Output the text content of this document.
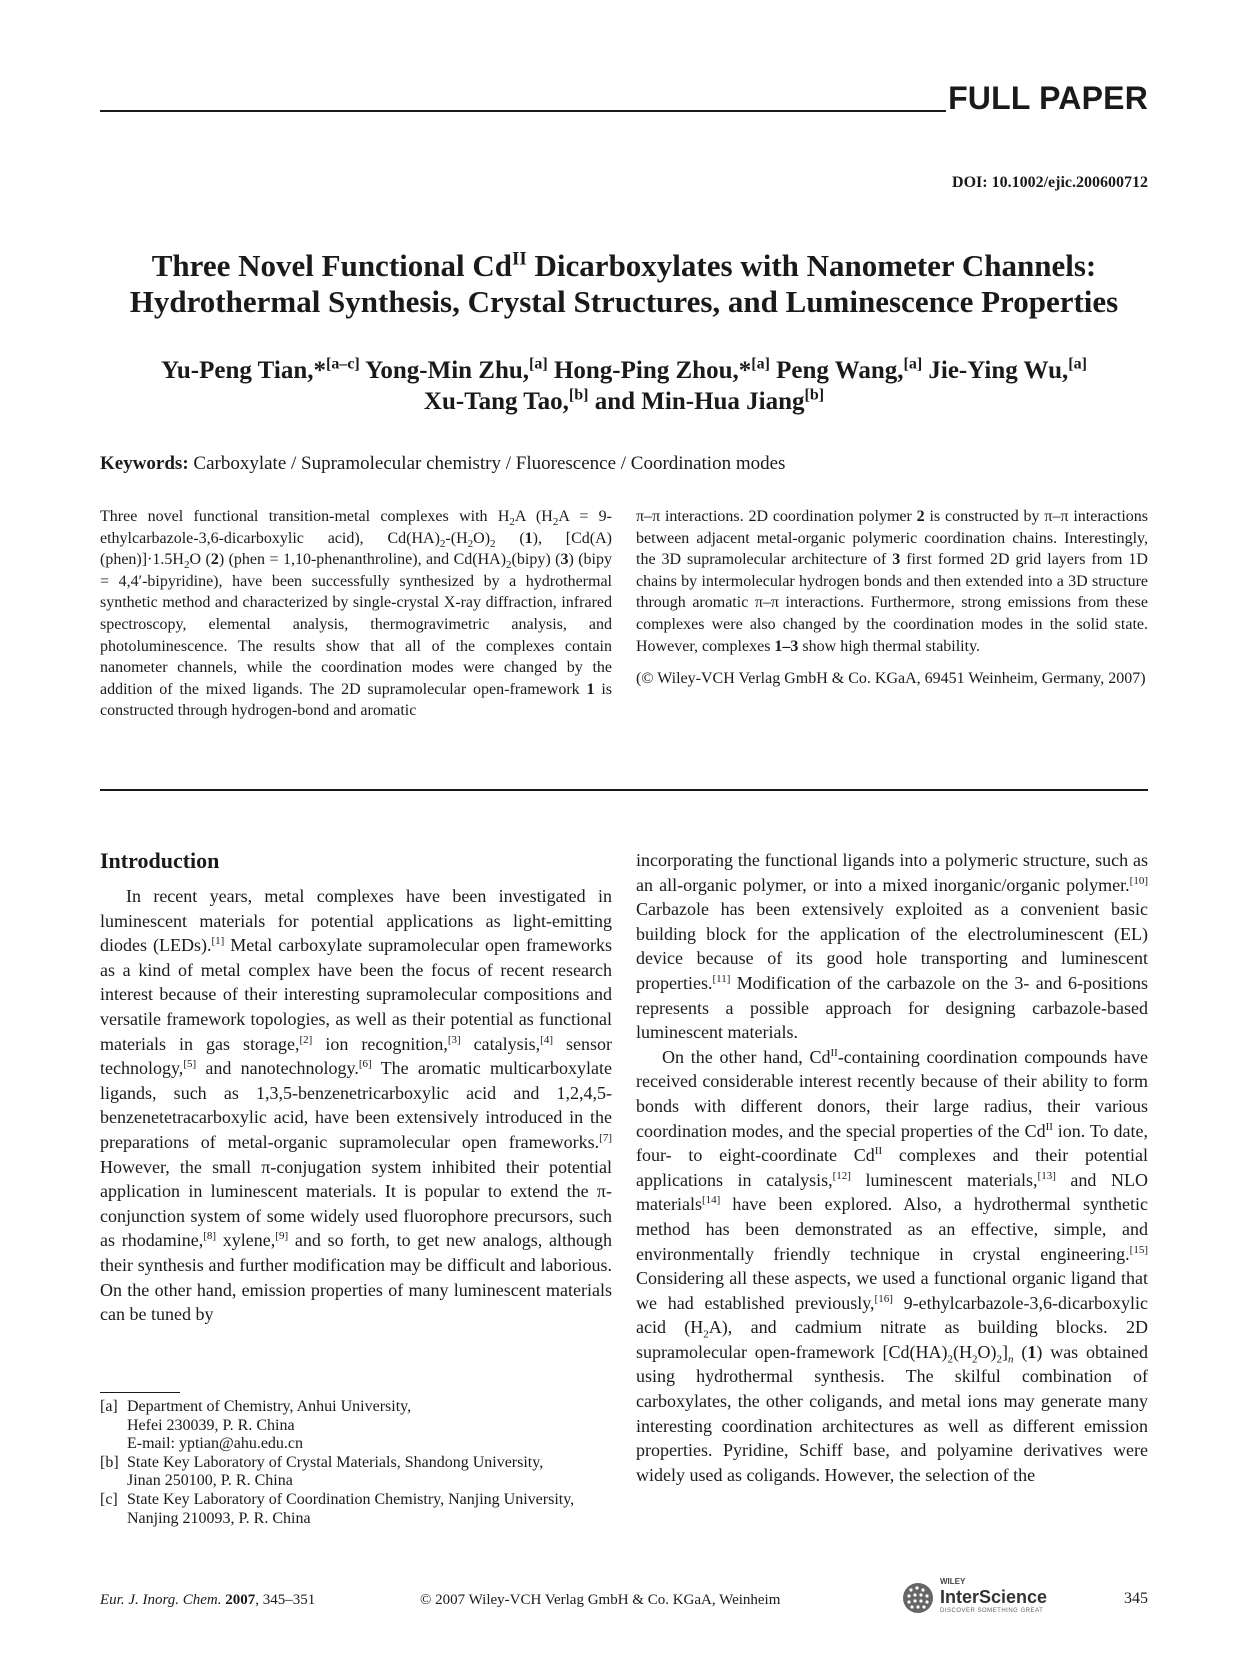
FULL PAPER
DOI: 10.1002/ejic.200600712
Three Novel Functional $Cd^{II}$ Dicarboxylates with Nanometer Channels:
Hydrothermal Synthesis, Crystal Structures, and Luminescence Properties
Yu-Peng Tian,*[a–c] Yong-Min Zhu,[a] Hong-Ping Zhou,*[a] Peng Wang,[a] Jie-Ying Wu,[a]
Xu-Tang Tao,[b] and Min-Hua Jiang[b]
Keywords: Carboxylate / Supramolecular chemistry / Fluorescence / Coordination modes

Three novel functional transition-metal complexes with $H_2A$ ($H_2A$ = 9-ethylcarbazole-3,6-dicarboxylic acid), $Cd(HA)_2-(H_2O)_2$ (1), $[Cd(A)(phen)]\cdot 1.5H_2O$ (2) (phen = 1,10-phenanthroline), and $Cd(HA)_2(bipy)$ (3) (bipy = 4,4′-bipyridine), have been successfully synthesized by a hydrothermal synthetic method and characterized by single-crystal X-ray diffraction, infrared spectroscopy, elemental analysis, thermogravimetric analysis, and photoluminescence. The results show that all of the complexes contain nanometer channels, while the coordination modes were changed by the addition of the mixed ligands. The 2D supramolecular open-framework 1 is constructed through hydrogen-bond and aromatic

π–π interactions. 2D coordination polymer 2 is constructed by π–π interactions between adjacent metal-organic polymeric coordination chains. Interestingly, the 3D supramolecular architecture of 3 first formed 2D grid layers from 1D chains by intermolecular hydrogen bonds and then extended into a 3D structure through aromatic π–π interactions. Furthermore, strong emissions from these complexes were also changed by the coordination modes in the solid state. However, complexes 1–3 show high thermal stability.

(© Wiley-VCH Verlag GmbH & Co. KGaA, 69451 Weinheim, Germany, 2007)

Introduction

In recent years, metal complexes have been investigated in luminescent materials for potential applications as light-emitting diodes (LEDs).[1] Metal carboxylate supramolecular open frameworks as a kind of metal complex have been the focus of recent research interest because of their interesting supramolecular compositions and versatile framework topologies, as well as their potential as functional materials in gas storage,[2] ion recognition,[3] catalysis,[4] sensor technology,[5] and nanotechnology.[6] The aromatic multicarboxylate ligands, such as 1,3,5-benzenetricarboxylic acid and 1,2,4,5-benzenetetracarboxylic acid, have been extensively introduced in the preparations of metal-organic supramolecular open frameworks.[7] However, the small π-conjugation system inhibited their potential application in luminescent materials. It is popular to extend the π-conjunction system of some widely used fluorophore precursors, such as rhodamine,[8] xylene,[9] and so forth, to get new analogs, although their synthesis and further modification may be difficult and laborious. On the other hand, emission properties of many luminescent materials can be tuned by

incorporating the functional ligands into a polymeric structure, such as an all-organic polymer, or into a mixed inorganic/organic polymer.[10] Carbazole has been extensively exploited as a convenient basic building block for the application of the electroluminescent (EL) device because of its good hole transporting and luminescent properties.[11] Modification of the carbazole on the 3- and 6-positions represents a possible approach for designing carbazole-based luminescent materials.

On the other hand, $Cd^{II}$-containing coordination compounds have received considerable interest recently because of their ability to form bonds with different donors, their large radius, their various coordination modes, and the special properties of the $Cd^{II}$ ion. To date, four- to eight-coordinate $Cd^{II}$ complexes and their potential applications in catalysis,[12] luminescent materials,[13] and NLO materials[14] have been explored. Also, a hydrothermal synthetic method has been demonstrated as an effective, simple, and environmentally friendly technique in crystal engineering.[15] Considering all these aspects, we used a functional organic ligand that we had established previously,[16] 9-ethylcarbazole-3,6-dicarboxylic acid $(H_2A)$, and cadmium nitrate as building blocks. 2D supramolecular open-framework $[Cd(HA)_2(H_2O)_2]_n$ (1) was obtained using hydrothermal synthesis. The skilful combination of carboxylates, the other coligands, and metal ions may generate many interesting coordination architectures as well as different emission properties. Pyridine, Schiff base, and polyamine derivatives were widely used as coligands. However, the selection of the

[a] Department of Chemistry, Anhui University,
Hefei 230039, P. R. China
E-mail: yptian@ahu.edu.cn
[b] State Key Laboratory of Crystal Materials, Shandong University,
Jinan 250100, P. R. China
[c] State Key Laboratory of Coordination Chemistry, Nanjing University,
Nanjing 210093, P. R. China
Eur. J. Inorg. Chem. 2007, 345–351	© 2007 Wiley-VCH Verlag GmbH & Co. KGaA, Weinheim
WILEY
InterScience
DISCOVER SOMETHING GREAT
345
